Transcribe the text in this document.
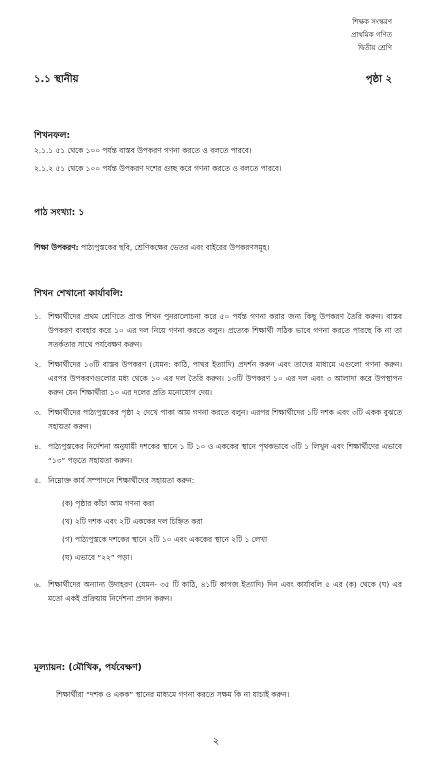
শিক্ষক সংস্করণ
প্রাথমিক গণিত
দ্বিতীয় শ্রেণি
১.১ স্থানীয়	পৃষ্ঠা ২
শিখনফল:
২.১.১ ৫১ থেকে ১০০ পর্যন্ত বাস্তব উপকরণ গণনা করতে ও বলতে পারবে।
২.১.২ ৫১ থেকে ১০০ পর্যন্ত উপকরণ দশের গুচ্ছ করে গণনা করতে ও বলতে পারবে।
পাঠ সংখ্যা: ১
শিক্ষা উপকরণ: পাঠ্যপুস্তকের ছবি, শ্রেণিকক্ষের ভেতর এবং বাইরের উপকরণসমূহ।
শিখন শেখানো কার্যাবলি:
১. শিক্ষার্থীদের প্রথম শ্রেণিতে প্রাপ্ত শিখন পুনরালোচনা করে ৫০ পর্যন্ত গণনা করার জন্য কিছু উপকরণ তৈরি করুন। বাস্তব উপকরণ ব্যবহার করে ১০ এর দল নিয়ে গণনা করতে বলুন। প্রত্যেক শিক্ষার্থী সঠিক ভাবে গণনা করতে পারছে কি না তা সতর্কতার সাথে পর্যবেক্ষণ করুন।
২. শিক্ষার্থীদের ১৩টি বাস্তব উপকরণ (যেমন: কাঠি, পাথর ইত্যাদি) প্রদর্শন করুন এবং তাদের মাধ্যমে এগুলো গণনা করুন। এরপর উপকরণগুলোর মধ্য থেকে ১০ এর দল তৈরি করুন। ১৩টি উপকরণ ১০ এর দল এবং ৩ আলাদা করে উপস্থাপন করুন যেন শিক্ষার্থীরা ১০ এর দলের প্রতি মনোযোগ দেয়।
৩. শিক্ষার্থীদের পাঠ্যপুস্তকের পৃষ্ঠা ২ দেখে পাকা আম গণনা করতে বলুন। এরপর শিক্ষার্থীদের ১টি দশক এবং ৩টি একক বুঝতে সহায়তা করুন।
৪. পাঠ্যপুস্তকের নির্দেশনা অনুযায়ী দশকের স্থানে ১ টি ১০ ও এককের স্থানে পৃথকভাবে ৩টি ১ লিখুন এবং শিক্ষার্থীদের এভাবে “১৩” পড়তে সহায়তা করুন।
৫. নিম্নোক্ত কার্য সম্পাদনে শিক্ষার্থীদের সহায়তা করুন:
(ক) পৃষ্ঠার কাঁচা আম গণনা করা
(খ) ২টি দশক এবং ২টি এককের দল চিহ্নিত করা
(গ) পাঠ্যপুস্তকে দশকের স্থানে ২টি ১০ এবং এককের স্থানে ২টি ১ লেখা
(ঘ) এভাবে “২২” পড়া।
৬. শিক্ষার্থীদের অন্যান্য উদাহরণ (যেমন- ৩৫ টি কাঠি, ৪১টি কাগজ ইত্যাদি) দিন এবং কার্যাবলি ৫ এর (ক) থেকে (ঘ) এর মতো একই প্রক্রিয়ায় নির্দেশনা প্রদান করুন।
মূল্যায়ন: (মৌখিক, পর্যবেক্ষণ)
শিক্ষার্থীরা “দশক ও একক” স্থানের মাধ্যমে গণনা করতে সক্ষম কি না যাচাই করুন।
২
